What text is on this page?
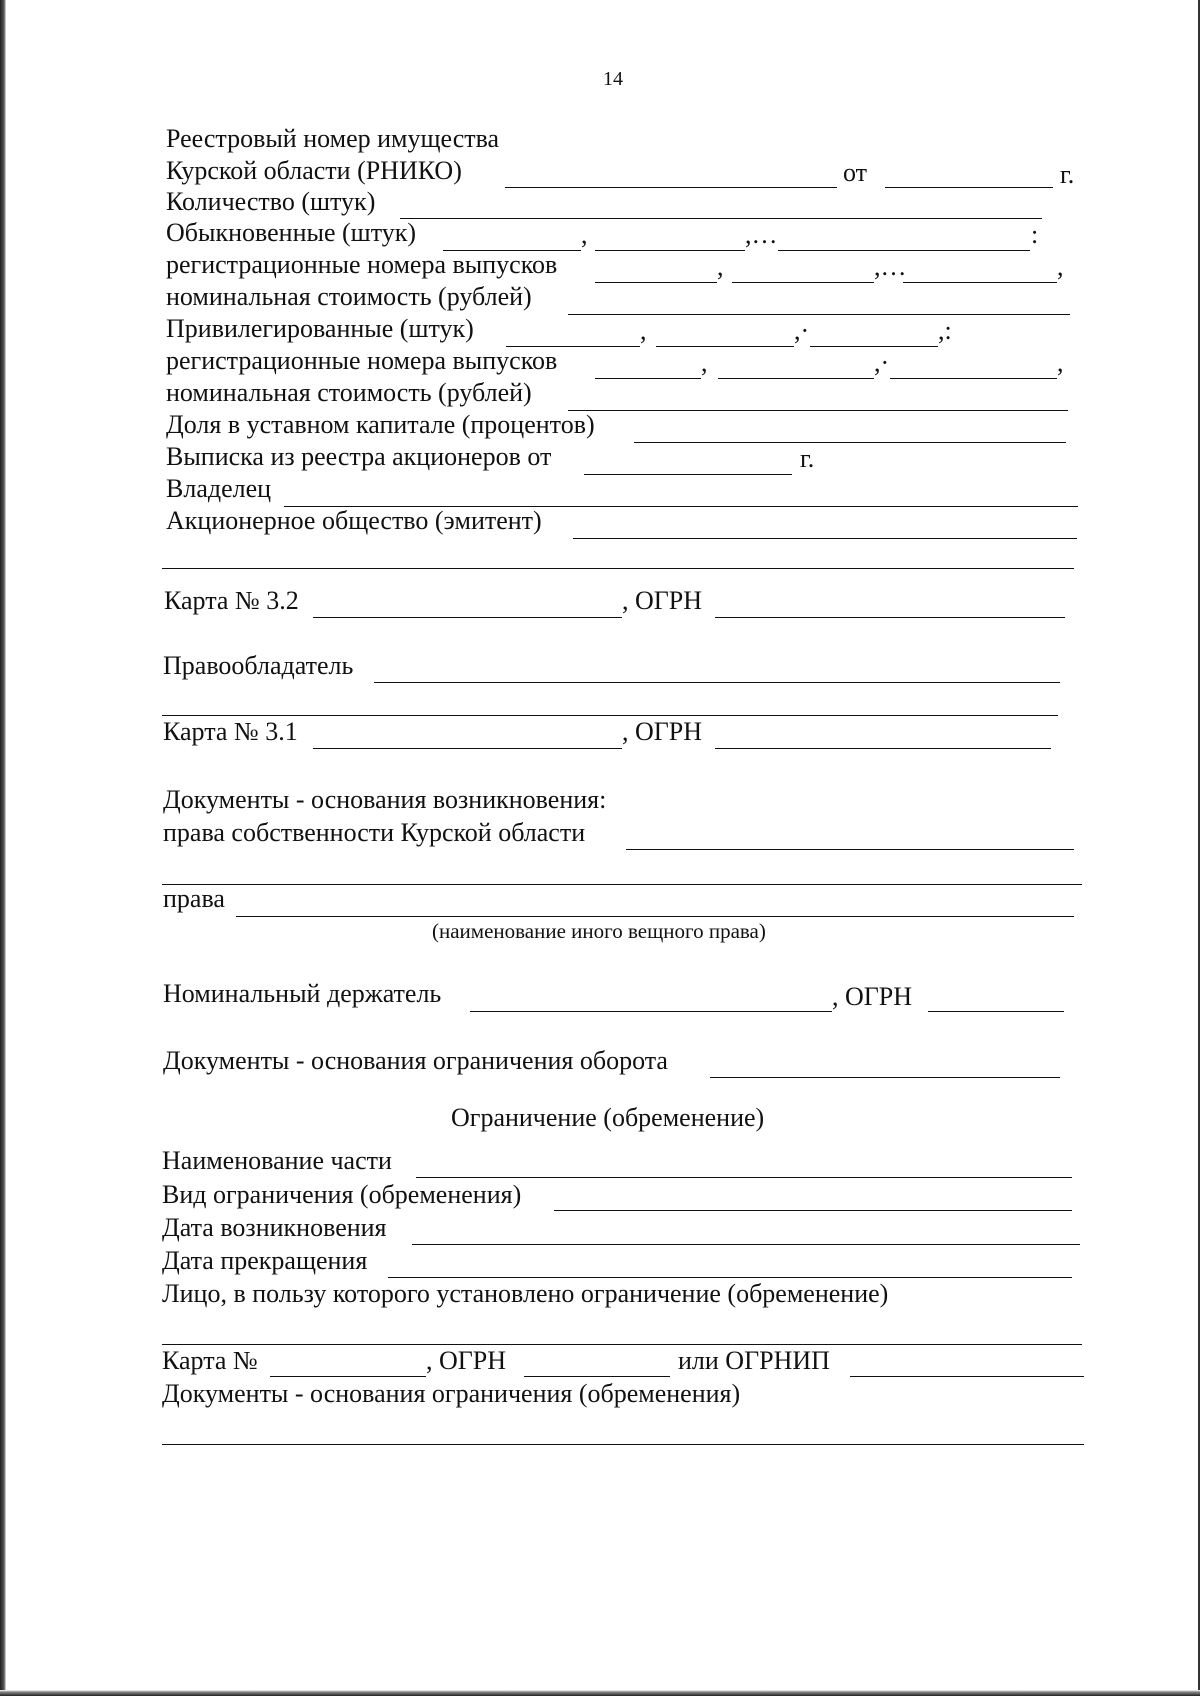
14
Реестровый номер имущества
Курской области (РНИКО)	от	г.
Количество (штук)
Обыкновенные (штук)	,	,…	:
регистрационные номера выпусков	,	,…	,
номинальная стоимость (рублей)
Привилегированные (штук)	,	,·	,:
регистрационные номера выпусков	,	,·	,
номинальная стоимость (рублей)
Доля в уставном капитале (процентов)
Выписка из реестра акционеров от	г.
Владелец
Акционерное общество (эмитент)
Карта № 3.2	, ОГРН
Правообладатель
Карта № 3.1	, ОГРН
Документы - основания возникновения:
права собственности Курской области
права
(наименование иного вещного права)
Номинальный держатель	, ОГРН
Документы - основания ограничения оборота
Ограничение (обременение)
Наименование части
Вид ограничения (обременения)
Дата возникновения
Дата прекращения
Лицо, в пользу которого установлено ограничение (обременение)
Карта №	, ОГРН	или ОГРНИП
Документы - основания ограничения (обременения)
